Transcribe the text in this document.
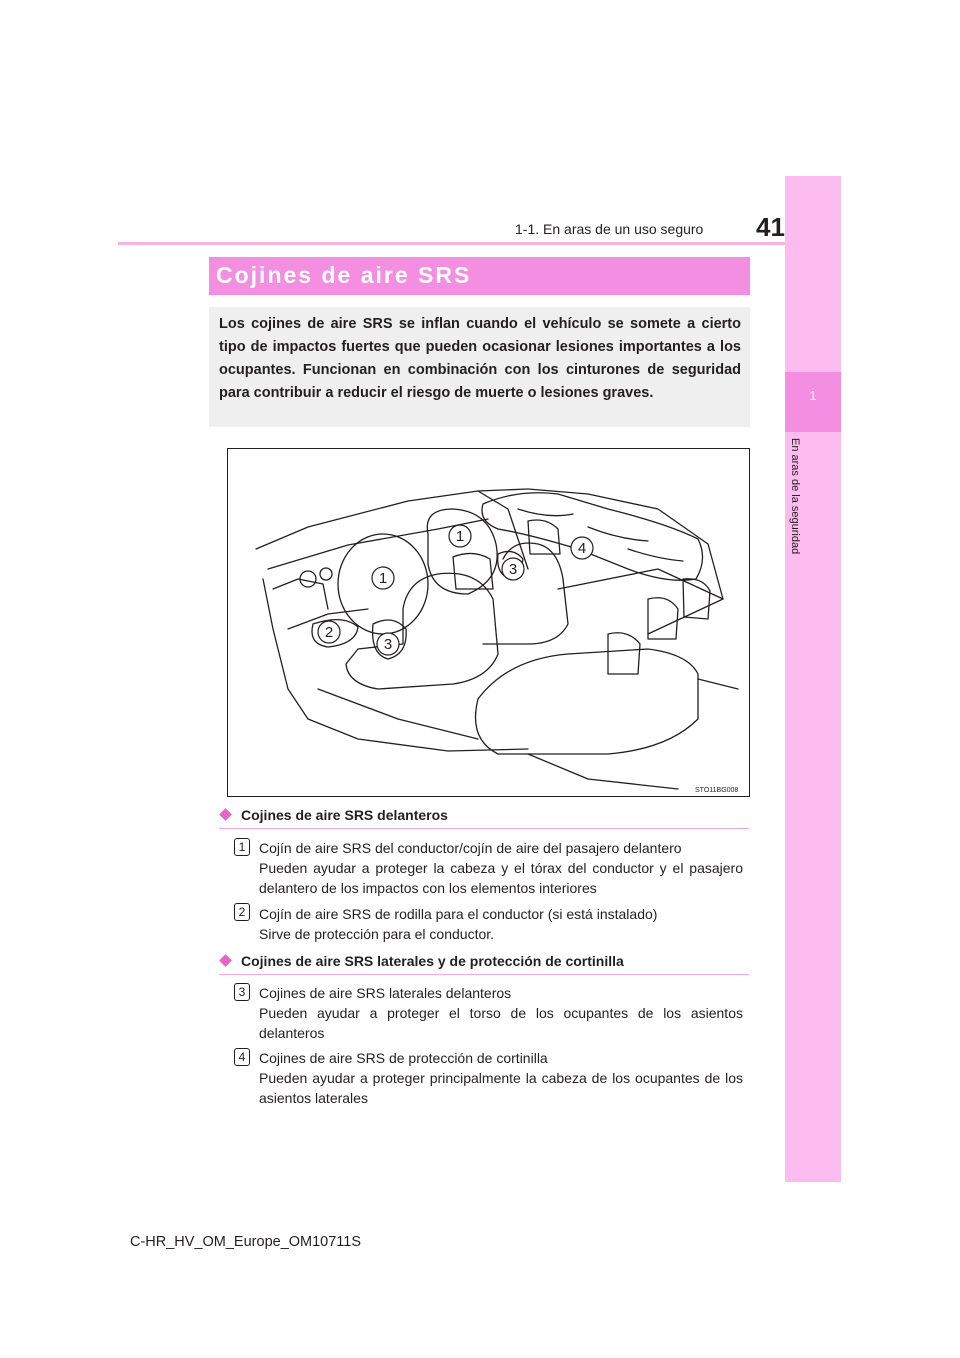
1-1. En aras de un uso seguro 41
1
En aras de la seguridad
Cojines de aire SRS

Los cojines de aire SRS se inflan cuando el vehículo se somete a cierto tipo de impactos fuertes que pueden ocasionar lesiones importantes a los ocupantes. Funcionan en combinación con los cinturones de seguridad para contribuir a reducir el riesgo de muerte o lesiones graves.

1
1
2
3
3
4
STO11BG008
Cojines de aire SRS delanteros
1 Cojín de aire SRS del conductor/cojín de aire del pasajero delantero

Pueden ayudar a proteger la cabeza y el tórax del conductor y el pasajero delantero de los impactos con los elementos interiores

2 Cojín de aire SRS de rodilla para el conductor (si está instalado)

Sirve de protección para el conductor.

Cojines de aire SRS laterales y de protección de cortinilla
3 Cojines de aire SRS laterales delanteros

Pueden ayudar a proteger el torso de los ocupantes de los asientos delanteros

4 Cojines de aire SRS de protección de cortinilla

Pueden ayudar a proteger principalmente la cabeza de los ocupantes de los asientos laterales

C-HR_HV_OM_Europe_OM10711S
